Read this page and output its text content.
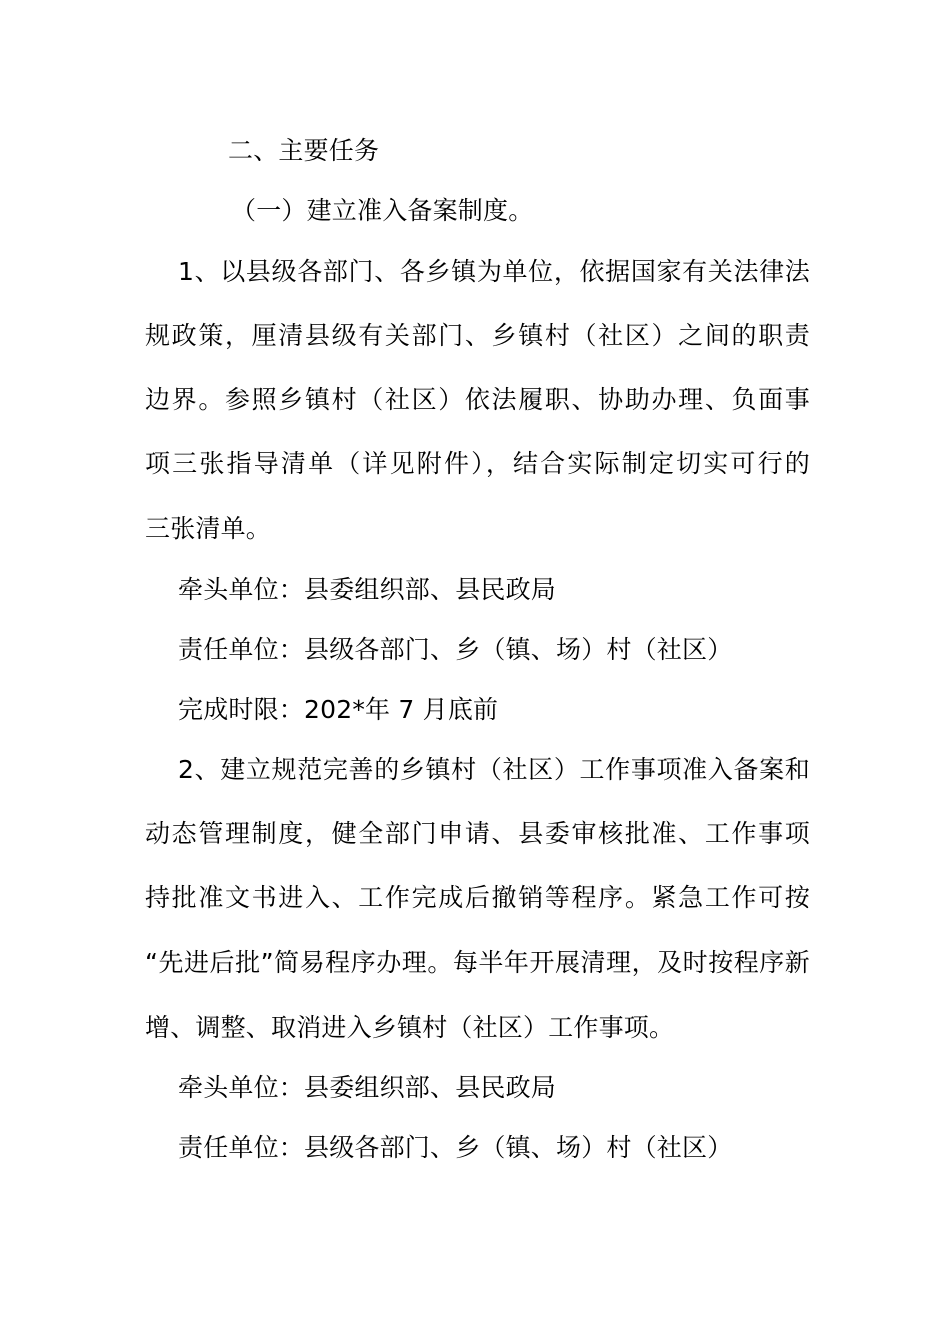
二、主要任务
（一）建立准入备案制度。
1、以县级各部门、各乡镇为单位，依据国家有关法律法
规政策，厘清县级有关部门、乡镇村（社区）之间的职责
边界。参照乡镇村（社区）依法履职、协助办理、负面事
项三张指导清单（详见附件），结合实际制定切实可行的
三张清单。
牵头单位：县委组织部、县民政局
责任单位：县级各部门、乡（镇、场）村（社区）
完成时限：202*年 7 月底前
2、建立规范完善的乡镇村（社区）工作事项准入备案和
动态管理制度，健全部门申请、县委审核批准、工作事项
持批准文书进入、工作完成后撤销等程序。紧急工作可按
“先进后批”简易程序办理。每半年开展清理，及时按程序新
增、调整、取消进入乡镇村（社区）工作事项。
牵头单位：县委组织部、县民政局
责任单位：县级各部门、乡（镇、场）村（社区）
